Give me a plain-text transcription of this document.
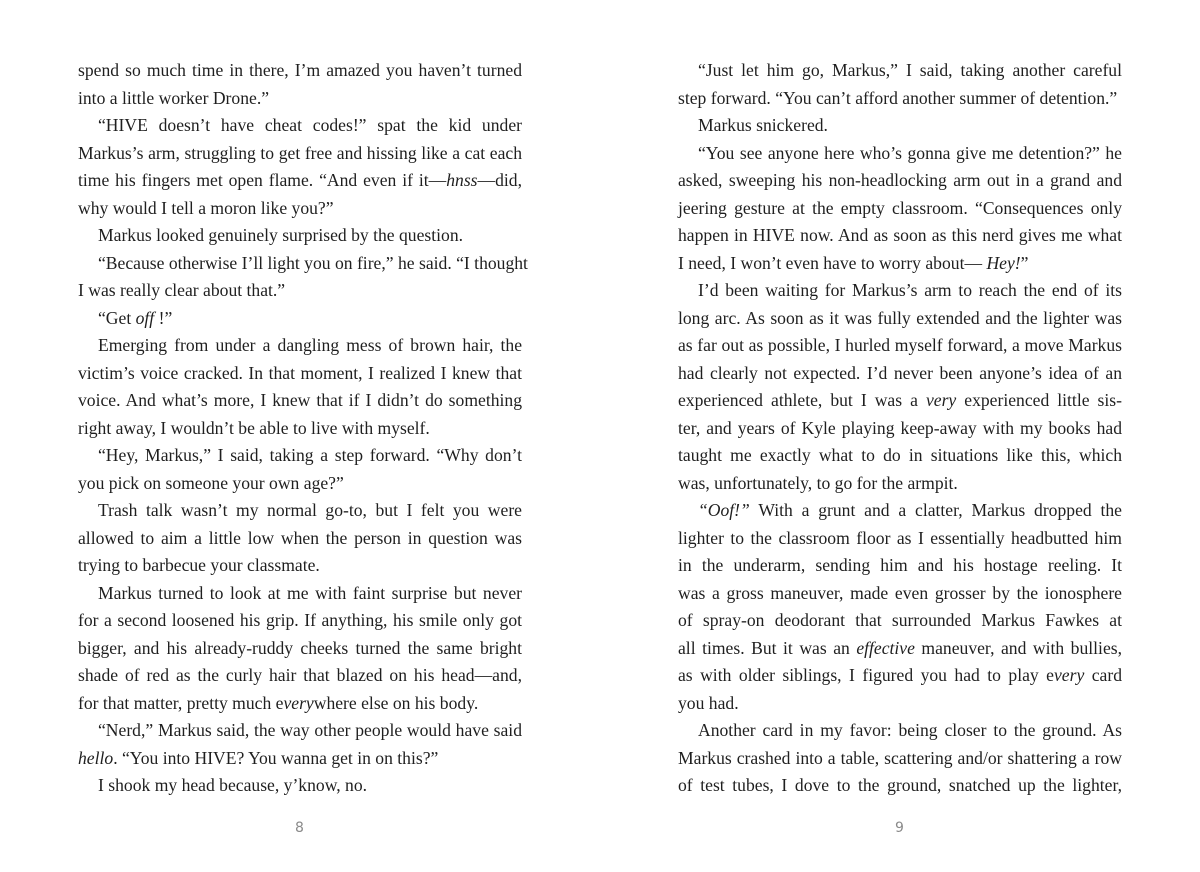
spend so much time in there, I’m amazed you haven’t turned
into a little worker Drone.”
“HIVE doesn’t have cheat codes!” spat the kid under
Markus’s arm, struggling to get free and hissing like a cat each
time his fingers met open flame. “And even if it—hnss—did,
why would I tell a moron like you?”
Markus looked genuinely surprised by the question.
“Because otherwise I’ll light you on fire,” he said. “I thought
I was really clear about that.”
“Get off !”
Emerging from under a dangling mess of brown hair, the
victim’s voice cracked. In that moment, I realized I knew that
voice. And what’s more, I knew that if I didn’t do something
right away, I wouldn’t be able to live with myself.
“Hey, Markus,” I said, taking a step forward. “Why don’t
you pick on someone your own age?”
Trash talk wasn’t my normal go-to, but I felt you were
allowed to aim a little low when the person in question was
trying to barbecue your classmate.
Markus turned to look at me with faint surprise but never
for a second loosened his grip. If anything, his smile only got
bigger, and his already-ruddy cheeks turned the same bright
shade of red as the curly hair that blazed on his head—and,
for that matter, pretty much everywhere else on his body.
“Nerd,” Markus said, the way other people would have said
hello. “You into HIVE? You wanna get in on this?”
I shook my head because, y’know, no.
8
“Just let him go, Markus,” I said, taking another careful
step forward. “You can’t afford another summer of detention.”
Markus snickered.
“You see anyone here who’s gonna give me detention?” he
asked, sweeping his non-headlocking arm out in a grand and
jeering gesture at the empty classroom. “Consequences only
happen in HIVE now. And as soon as this nerd gives me what
I need, I won’t even have to worry about— Hey!”
I’d been waiting for Markus’s arm to reach the end of its
long arc. As soon as it was fully extended and the lighter was
as far out as possible, I hurled myself forward, a move Markus
had clearly not expected. I’d never been anyone’s idea of an
experienced athlete, but I was a very experienced little sis-
ter, and years of Kyle playing keep-away with my books had
taught me exactly what to do in situations like this, which
was, unfortunately, to go for the armpit.
“Oof!” With a grunt and a clatter, Markus dropped the
lighter to the classroom floor as I essentially headbutted him
in the underarm, sending him and his hostage reeling. It
was a gross maneuver, made even grosser by the ionosphere
of spray-on deodorant that surrounded Markus Fawkes at
all times. But it was an effective maneuver, and with bullies,
as with older siblings, I figured you had to play every card
you had.
Another card in my favor: being closer to the ground. As
Markus crashed into a table, scattering and/or shattering a row
of test tubes, I dove to the ground, snatched up the lighter,
9
